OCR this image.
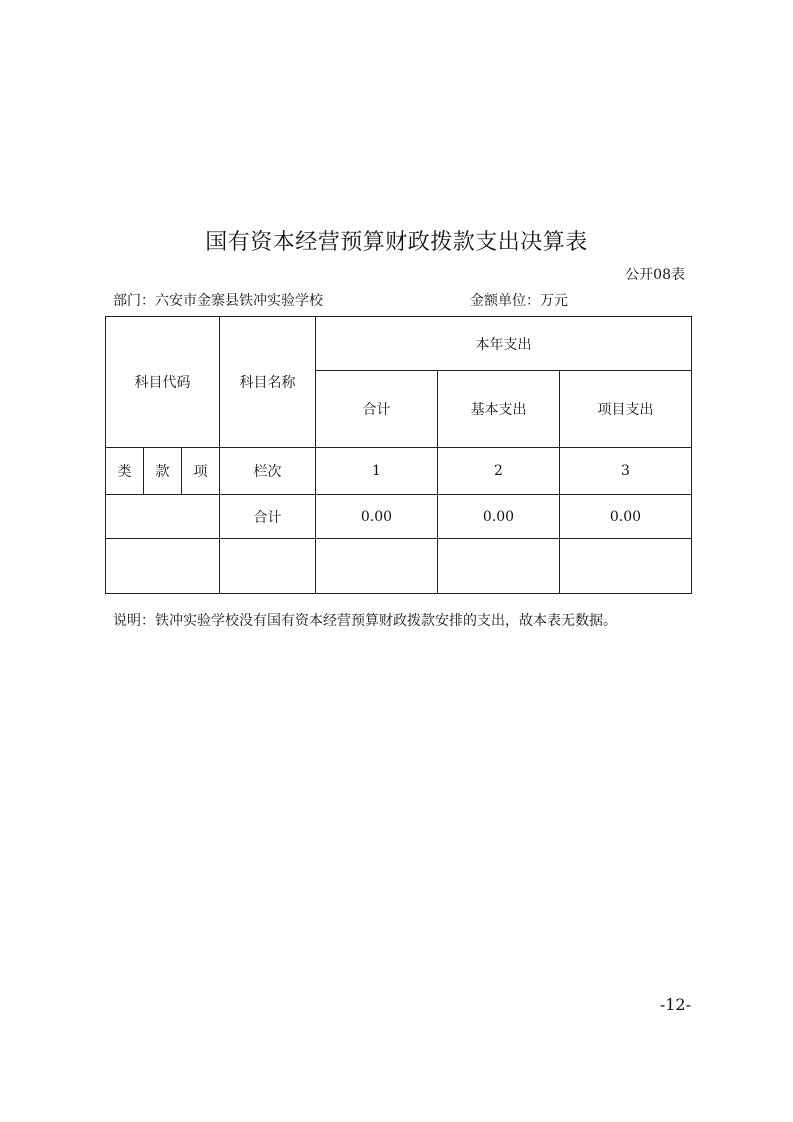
国有资本经营预算财政拨款支出决算表
公开08表
部门：六安市金寨县铁冲实验学校	金额单位：万元
科目代码			科目名称	本年支出		
				合计	基本支出	项目支出
类	款	项	栏次	1	2	3
			合计	0.00	0.00	0.00

说明：铁冲实验学校没有国有资本经营预算财政拨款安排的支出，故本表无数据。
-12-
